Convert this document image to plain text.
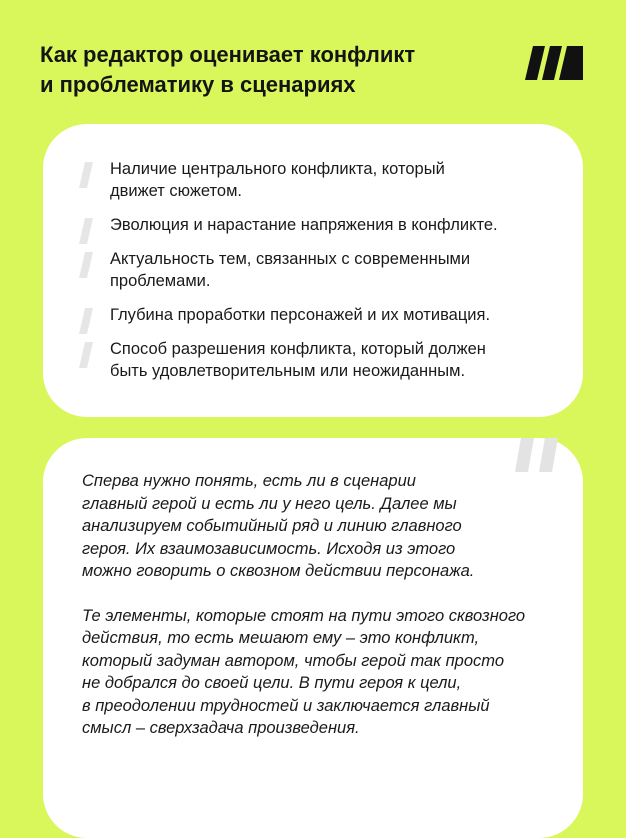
Как редактор оценивает конфликт
и проблематику в сценариях
Наличие центрального конфликта, который
движет сюжетом.
Эволюция и нарастание напряжения в конфликте.
Актуальность тем, связанных с современными
проблемами.
Глубина проработки персонажей и их мотивация.
Способ разрешения конфликта, который должен
быть удовлетворительным или неожиданным.

Сперва нужно понять, есть ли в сценарии
главный герой и есть ли у него цель. Далее мы
анализируем событийный ряд и линию главного
героя. Их взаимозависимость. Исходя из этого
можно говорить о сквозном действии персонажа.

Те элементы, которые стоят на пути этого сквозного
действия, то есть мешают ему – это конфликт,
который задуман автором, чтобы герой так просто
не добрался до своей цели. В пути героя к цели,
в преодолении трудностей и заключается главный
смысл – сверхзадача произведения.
